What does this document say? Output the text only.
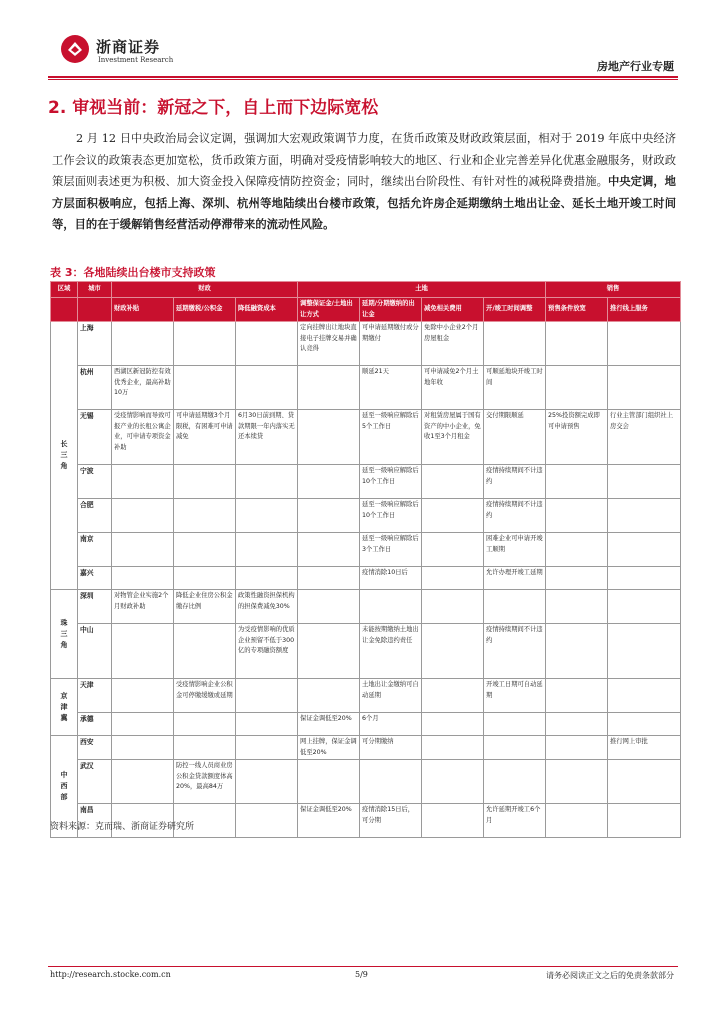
浙商证券
Investment Research	房地产行业专题
2. 审视当前：新冠之下，自上而下边际宽松
2 月 12 日中央政治局会议定调，强调加大宏观政策调节力度，在货币政策及财政政策层面，相对于 2019 年底中央经济工作会议的政策表态更加宽松，货币政策方面，明确对受疫情影响较大的地区、行业和企业完善差异化优惠金融服务，财政政策层面则表述更为积极、加大资金投入保障疫情防控资金；同时，继续出台阶段性、有针对性的减税降费措施。中央定调，地方层面积极响应，包括上海、深圳、杭州等地陆续出台楼市政策，包括允许房企延期缴纳土地出让金、延长土地开竣工时间等，目的在于缓解销售经营活动停滞带来的流动性风险。
表 3：各地陆续出台楼市支持政策
区域	城市	财政			土地				销售	
		财政补贴	延期缴税/公积金	降低融资成本	调整保证金/土地出让方式	延期/分期缴纳的出让金	减免相关费用	开/竣工时间调整	预售条件放宽	推行线上服务
长
三
角	上海				定向挂牌出让地块直接电子挂牌交易并确认竞得	可申请延期缴付或分期缴付	免除中小企业2个月房屋租金			
	杭州	西湖区新冠防控有效优秀企业，最高补助10万				顺延21天	可申请减免2个月土地年收	可顺延地块开竣工时间		
	无锡	受疫情影响而导致可报产业的长租公寓企业，可申请专项资金补助	可申请延期缴3个月限税，有困难可申请减免	6月30日前到期、贷款期限一年内落实无还本续贷		延至一级响应解除后5个工作日	对租赁房屋属于国有资产的中小企业，免收1至3个月租金	交付期限顺延	25%投资额完成即可申请预售	行业主管部门组织社上房交会
	宁波					延至一级响应解除后10个工作日		疫情持续期间不计违约		
	合肥					延至一级响应解除后10个工作日		疫情持续期间不计违约		
	南京					延至一级响应解除后3个工作日		困难企业可申请开竣工顺期		
	嘉兴					疫情消除10日后		允许办理开竣工延期		
珠
三
角	深圳	对物管企业实施2个月财政补助	降低企业住房公积金缴存比例	政策性融资担保机构的担保费减免30%						
	中山			为受疫情影响的优质企业预留不低于300亿的专项融资额度		未能按期缴纳土地出让金免除违约责任		疫情持续期间不计违约		
京
津
冀	天津		受疫情影响企业公积金可停缴缓缴或延期			土地出让金缴纳可自动延期		开竣工日期可自动延期		
	承德				保证金调低至20%	6个月				
中
西
部	西安				网上挂牌，保证金调低至20%	可分期缴纳				推行网上审批
	武汉		防控一线人员商业房公积金贷款额度体高20%，最高84万							
	南昌				保证金调低至20%	疫情消除15日后，可分期		允许延期开竣工6个月		
资料来源：克而瑞、浙商证券研究所
http://research.stocke.com.cn	5/9	请务必阅读正文之后的免责条款部分
